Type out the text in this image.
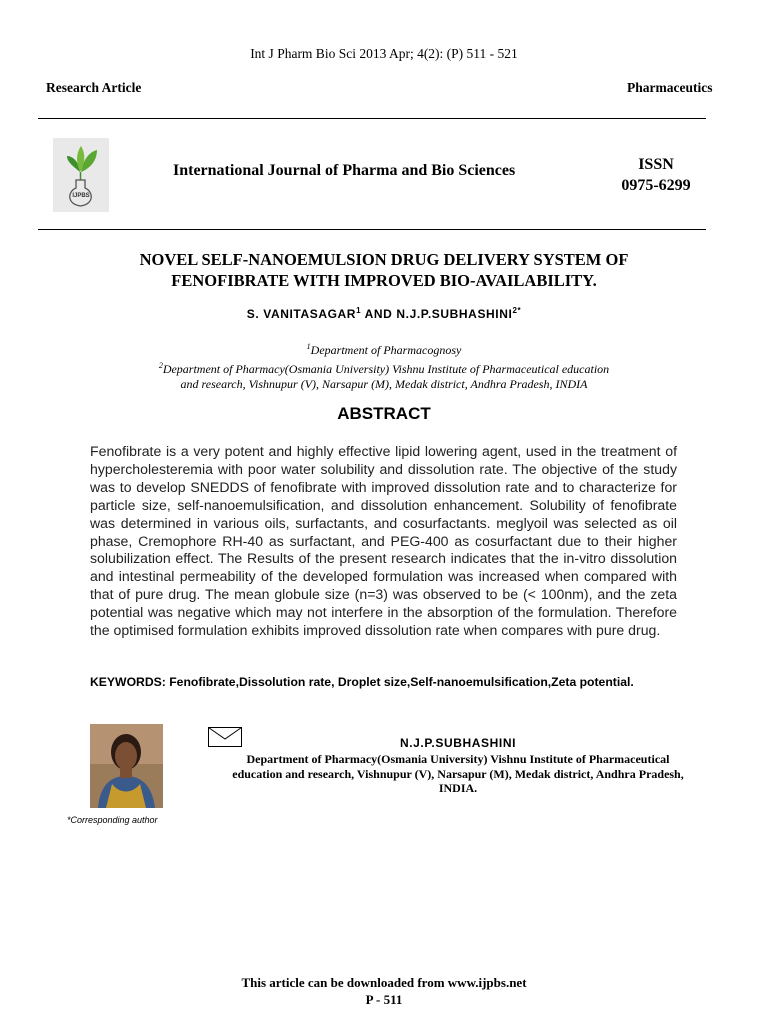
Int J Pharm Bio Sci 2013 Apr; 4(2): (P) 511 - 521
Research Article	Pharmaceutics
IJPBS
International Journal of Pharma and Bio Sciences	ISSN
0975-6299
NOVEL SELF-NANOEMULSION DRUG DELIVERY SYSTEM OF
FENOFIBRATE WITH IMPROVED BIO-AVAILABILITY.
S. VANITASAGAR$^1$ AND $N.J.P.SUBHASHINI^{2*}$
$^1$Department of Pharmacognosy
$^2$Department of Pharmacy(Osmania University) Vishnu Institute of Pharmaceutical education
and research, Vishnupur (V), Narsapur (M), Medak district, Andhra Pradesh, INDIA
ABSTRACT

Fenofibrate is a very potent and highly effective lipid lowering agent, used in the treatment of hypercholesteremia with poor water solubility and dissolution rate. The objective of the study was to develop SNEDDS of fenofibrate with improved dissolution rate and to characterize for particle size, self-nanoemulsification, and dissolution enhancement. Solubility of fenofibrate was determined in various oils, surfactants, and cosurfactants. meglyoil was selected as oil phase, Cremophore RH-40 as surfactant, and PEG-400 as cosurfactant due to their higher solubilization effect. The Results of the present research indicates that the in-vitro dissolution and intestinal permeability of the developed formulation was increased when compared with that of pure drug. The mean globule size (n=3) was observed to be (< 100nm), and the zeta potential was negative which may not interfere in the absorption of the formulation. Therefore the optimised formulation exhibits improved dissolution rate when compares with pure drug.

KEYWORDS: Fenofibrate,Dissolution rate, Droplet size,Self-nanoemulsification,Zeta potential.
*Corresponding author
N.J.P.SUBHASHINI
Department of Pharmacy(Osmania University) Vishnu Institute of Pharmaceutical
education and research, Vishnupur (V), Narsapur (M), Medak district, Andhra Pradesh,
INDIA.
This article can be downloaded from www.ijpbs.net
P - 511
